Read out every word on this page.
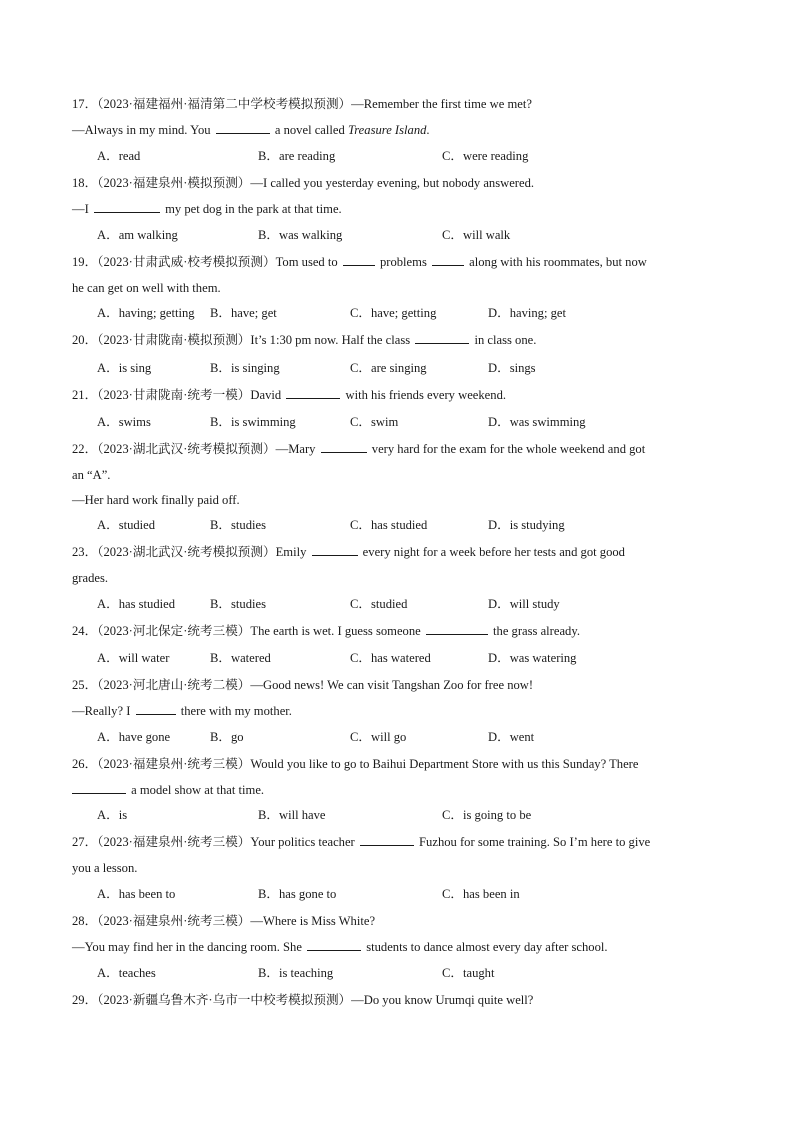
17．（2023·福建福州·福清第二中学校考模拟预测）—Remember the first time we met?
—Always in my mind. You	a novel called Treasure Island.
A．read	B．are reading	C．were reading
18．（2023·福建泉州·模拟预测）—I called you yesterday evening, but nobody answered.
—I	my pet dog in the park at that time.
A．am walking	B．was walking	C．will walk
19．（2023·甘肃武威·校考模拟预测）Tom used to	problems	along with his roommates, but now
he can get on well with them.
A．having; getting B．have; get	C．have; getting	D．having; get
20．（2023·甘肃陇南·模拟预测）It’s 1:30 pm now. Half the class	in class one.
A．is sing	B．is singing	C．are singing	D．sings
21．（2023·甘肃陇南·统考一模）David	with his friends every weekend.
A．swims	B．is swimming	C．swim	D．was swimming
22．（2023·湖北武汉·统考模拟预测）—Mary	very hard for the exam for the whole weekend and got
an “A”.
—Her hard work finally paid off.
A．studied	B．studies	C．has studied	D．is studying
23．（2023·湖北武汉·统考模拟预测）Emily	every night for a week before her tests and got good
grades.
A．has studied	B．studies	C．studied	D．will study
24．（2023·河北保定·统考三模）The earth is wet. I guess someone	the grass already.
A．will water	B．watered	C．has watered	D．was watering
25．（2023·河北唐山·统考二模）—Good news! We can visit Tangshan Zoo for free now!
—Really? I	there with my mother.
A．have gone	B．go	C．will go	D．went
26．（2023·福建泉州·统考三模）Would you like to go to Baihui Department Store with us this Sunday? There
a model show at that time.
A．is	B．will have	C．is going to be
27．（2023·福建泉州·统考三模）Your politics teacher	Fuzhou for some training. So I’m here to give
you a lesson.
A．has been to	B．has gone to	C．has been in
28．（2023·福建泉州·统考三模）—Where is Miss White?
—You may find her in the dancing room. She	students to dance almost every day after school.
A．teaches	B．is teaching	C．taught
29．（2023·新疆乌鲁木齐·乌市一中校考模拟预测）—Do you know Urumqi quite well?
